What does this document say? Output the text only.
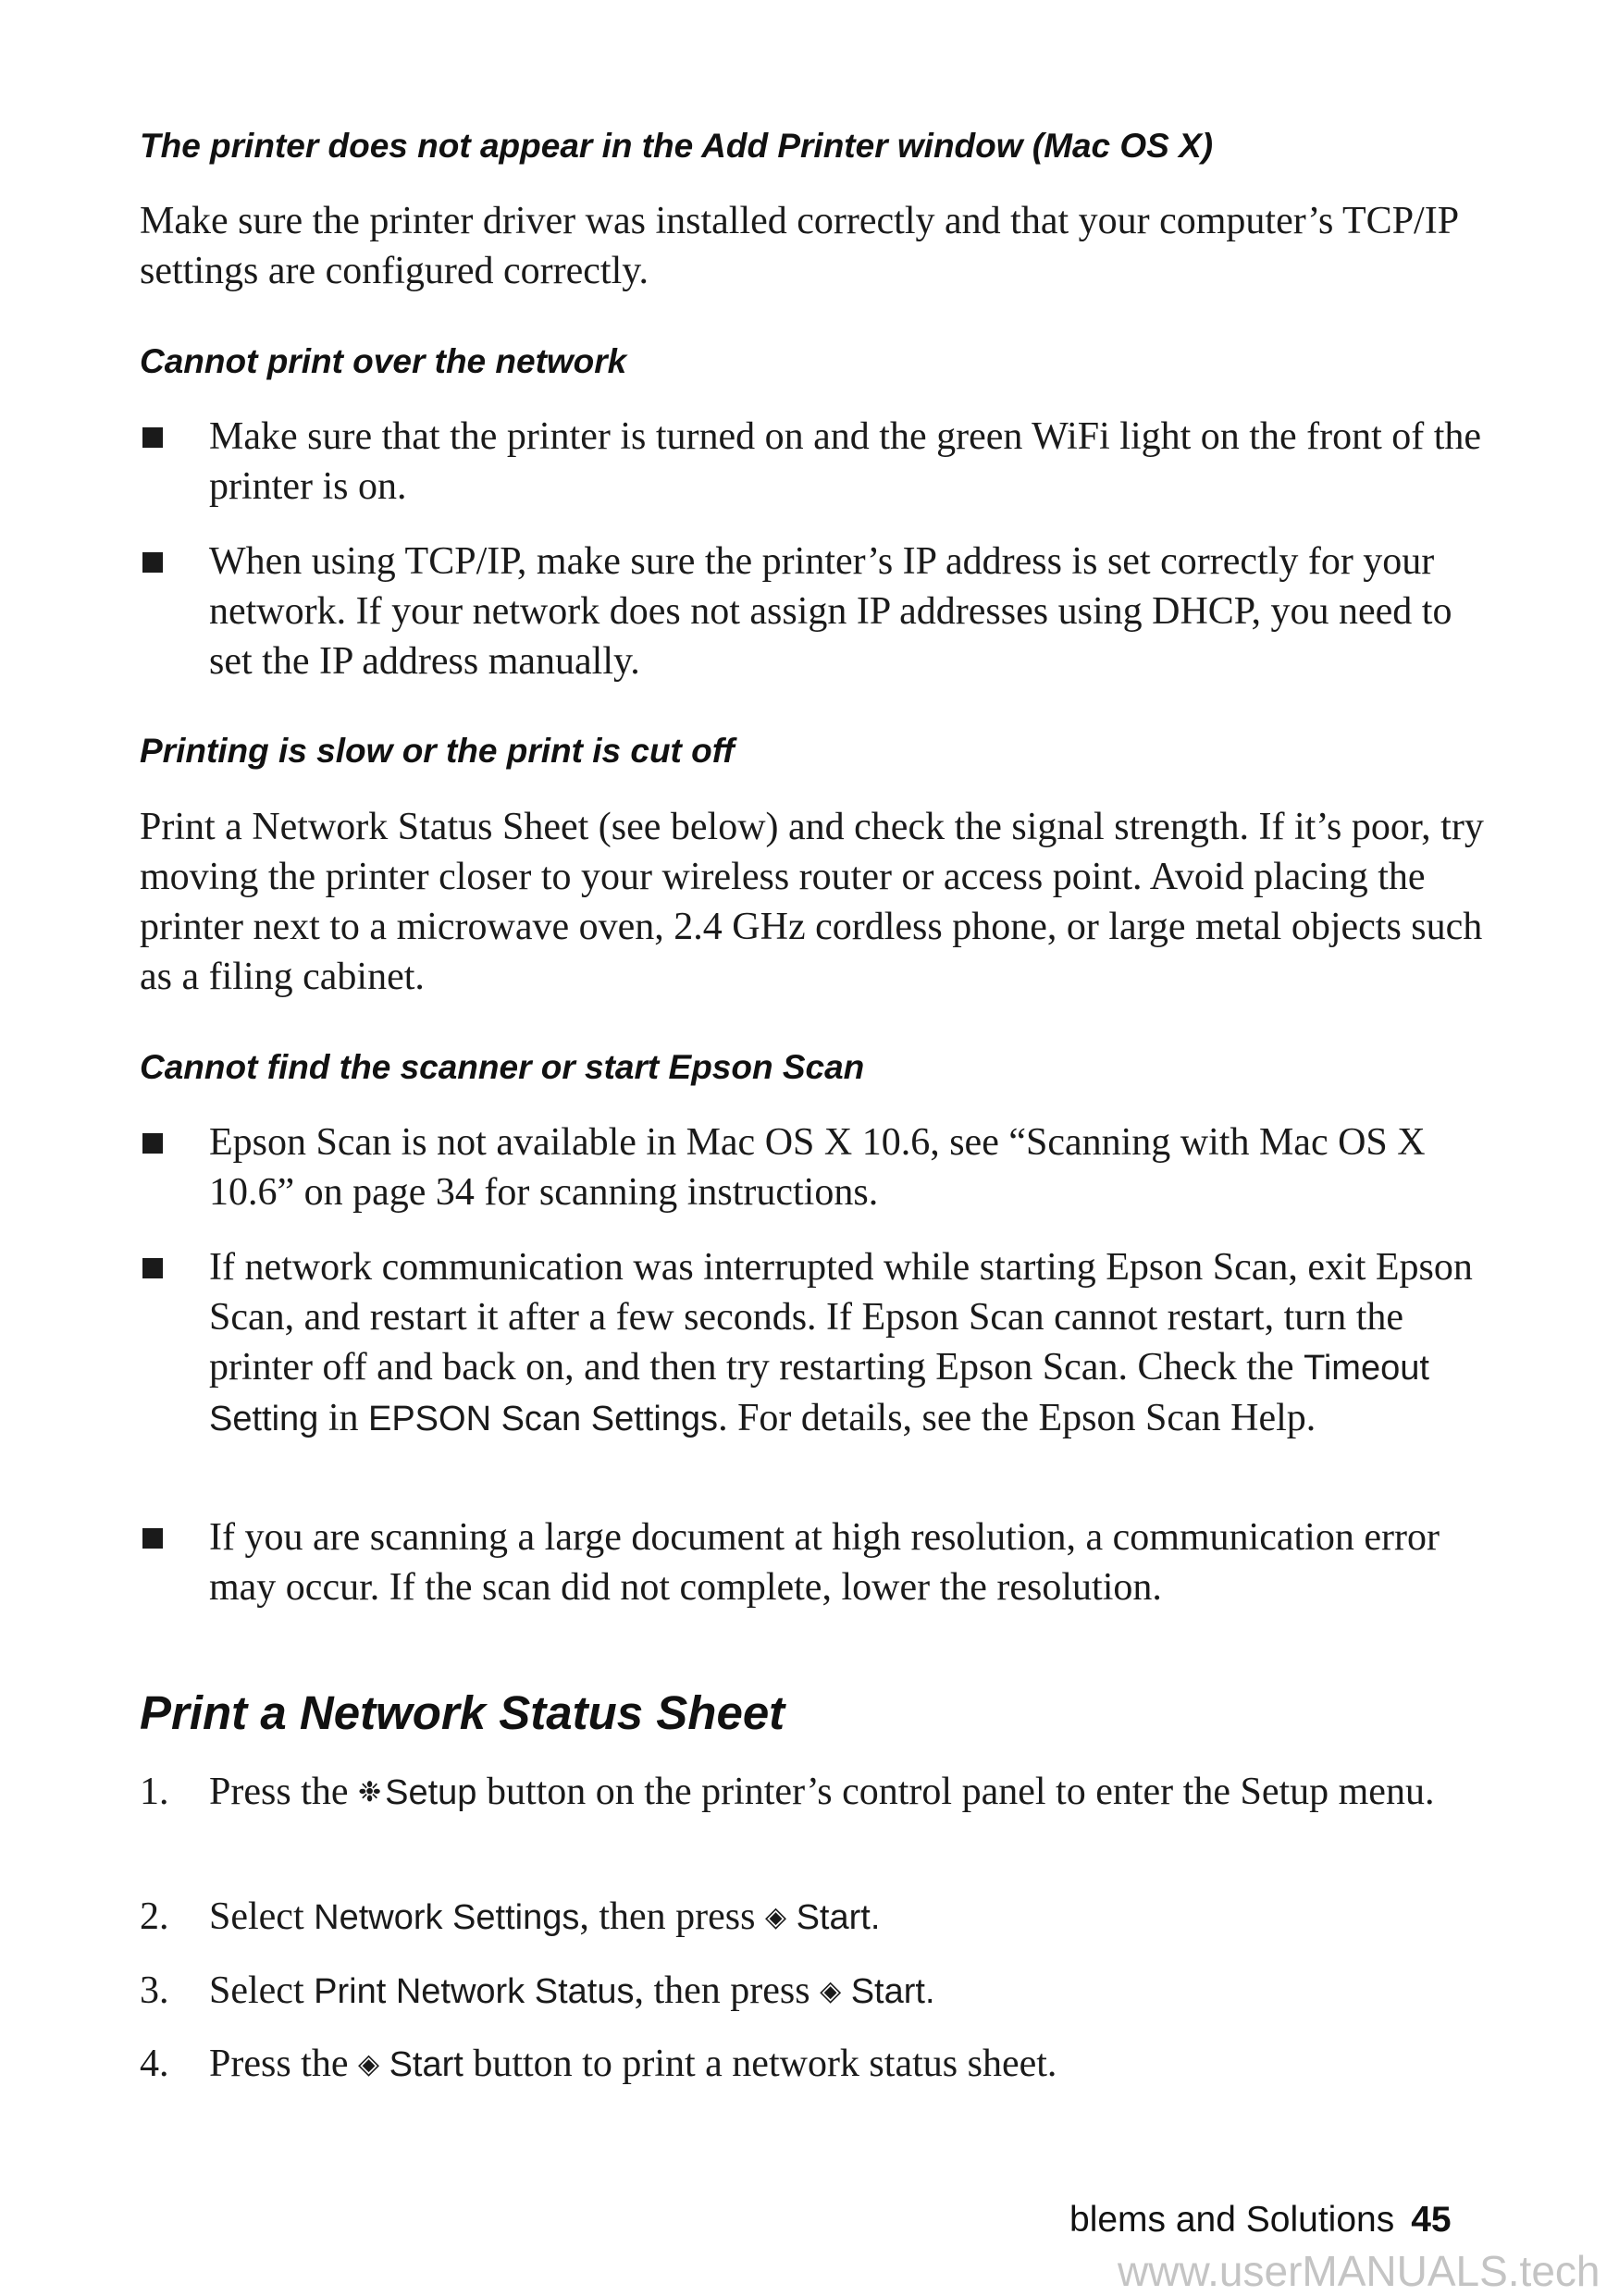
The printer does not appear in the Add Printer window (Mac OS X)

Make sure the printer driver was installed correctly and that your computer’s TCP/IP settings are configured correctly.

Cannot print over the network
Make sure that the printer is turned on and the green WiFi light on the front of the printer is on.
When using TCP/IP, make sure the printer’s IP address is set correctly for your network. If your network does not assign IP addresses using DHCP, you need to set the IP address manually.
Printing is slow or the print is cut off

Print a Network Status Sheet (see below) and check the signal strength. If it’s poor, try moving the printer closer to your wireless router or access point. Avoid placing the printer next to a microwave oven, 2.4 GHz cordless phone, or large metal objects such as a filing cabinet.

Cannot find the scanner or start Epson Scan
Epson Scan is not available in Mac OS X 10.6, see “Scanning with Mac OS X 10.6” on page 34 for scanning instructions.
If network communication was interrupted while starting Epson Scan, exit Epson Scan, and restart it after a few seconds. If Epson Scan cannot restart, turn the printer off and back on, and then try restarting Epson Scan. Check the Timeout Setting in EPSON Scan Settings. For details, see the Epson Scan Help.
If you are scanning a large document at high resolution, a communication error may occur. If the scan did not complete, lower the resolution.
Print a Network Status Sheet
1.	Press the ❉ Setup button on the printer’s control panel to enter the Setup menu.
2.	Select Network Settings, then press ◈ Start.
3.	Select Print Network Status, then press ◈ Start.
4.	Press the ◈ Start button to print a network status sheet.
blems and Solutions 45
www.userMANUALS.tech
